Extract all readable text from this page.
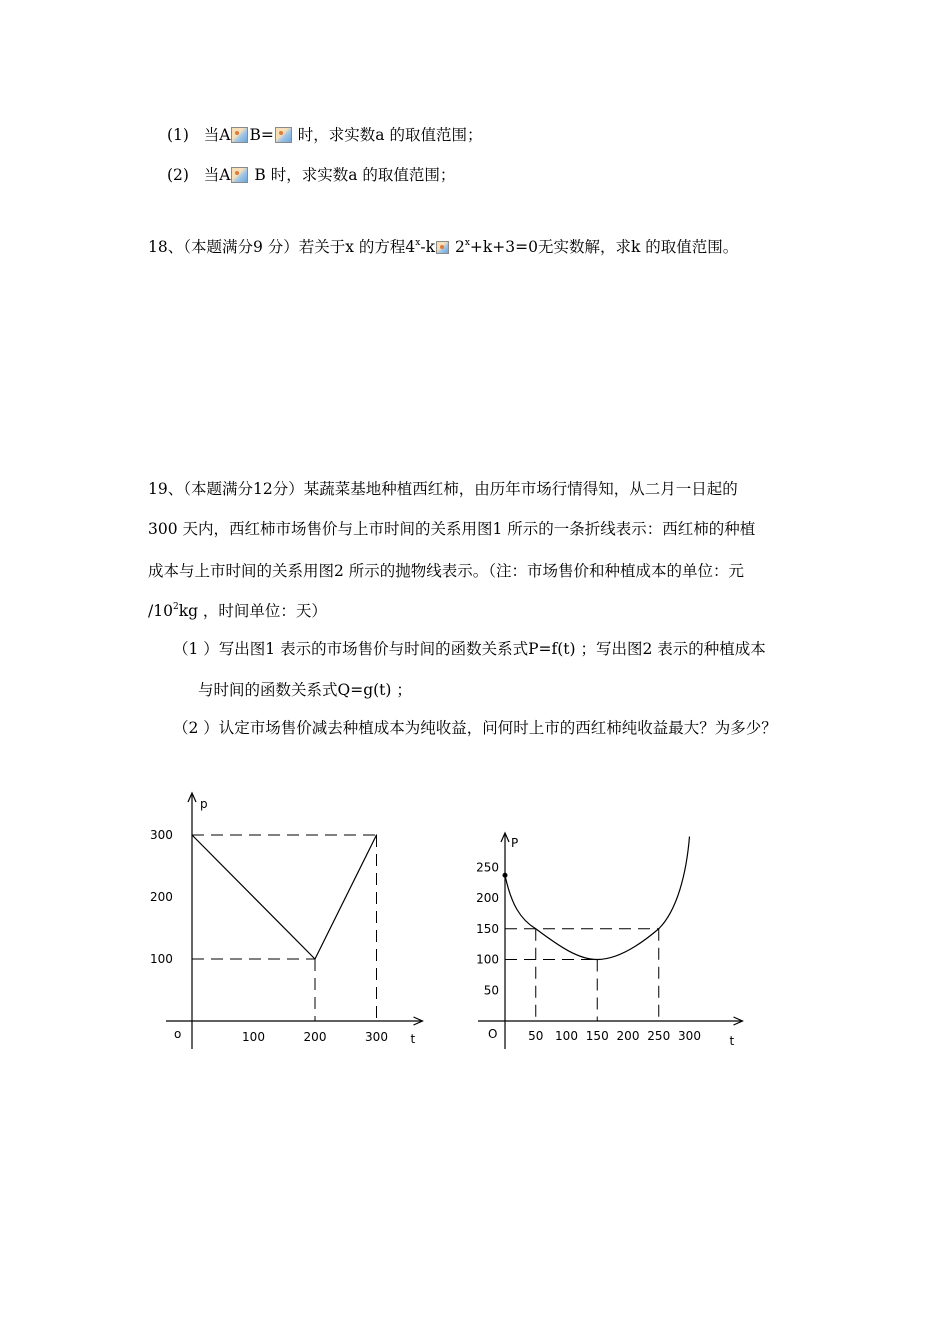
(1) 当A B= 时，求实数a 的取值范围；
(2) 当A B 时，求实数a 的取值范围；
18、（本题满分9 分）若关于x 的方程4$^x$-k $2^x+k+3=0$无实数解，求k 的取值范围。
19、（本题满分12分）某蔬菜基地种植西红柿，由历年市场行情得知，从二月一日起的
300 天内，西红柿市场售价与上市时间的关系用图1 所示的一条折线表示：西红柿的种植
成本与上市时间的关系用图2 所示的抛物线表示。（注：市场售价和种植成本的单位：元
$/10^2kg$ ，时间单位：天）
（1 ）写出图1 表示的市场售价与时间的函数关系式P=f(t) ；写出图2 表示的种植成本
与时间的函数关系式Q=g(t) ；
（2 ）认定市场售价减去种植成本为纯收益，问何时上市的西红柿纯收益最大？为多少？
p
t
o
100
200
300
100	200	300
P
t
O
50
100
150
200
250
50 100 150 200 250 300
